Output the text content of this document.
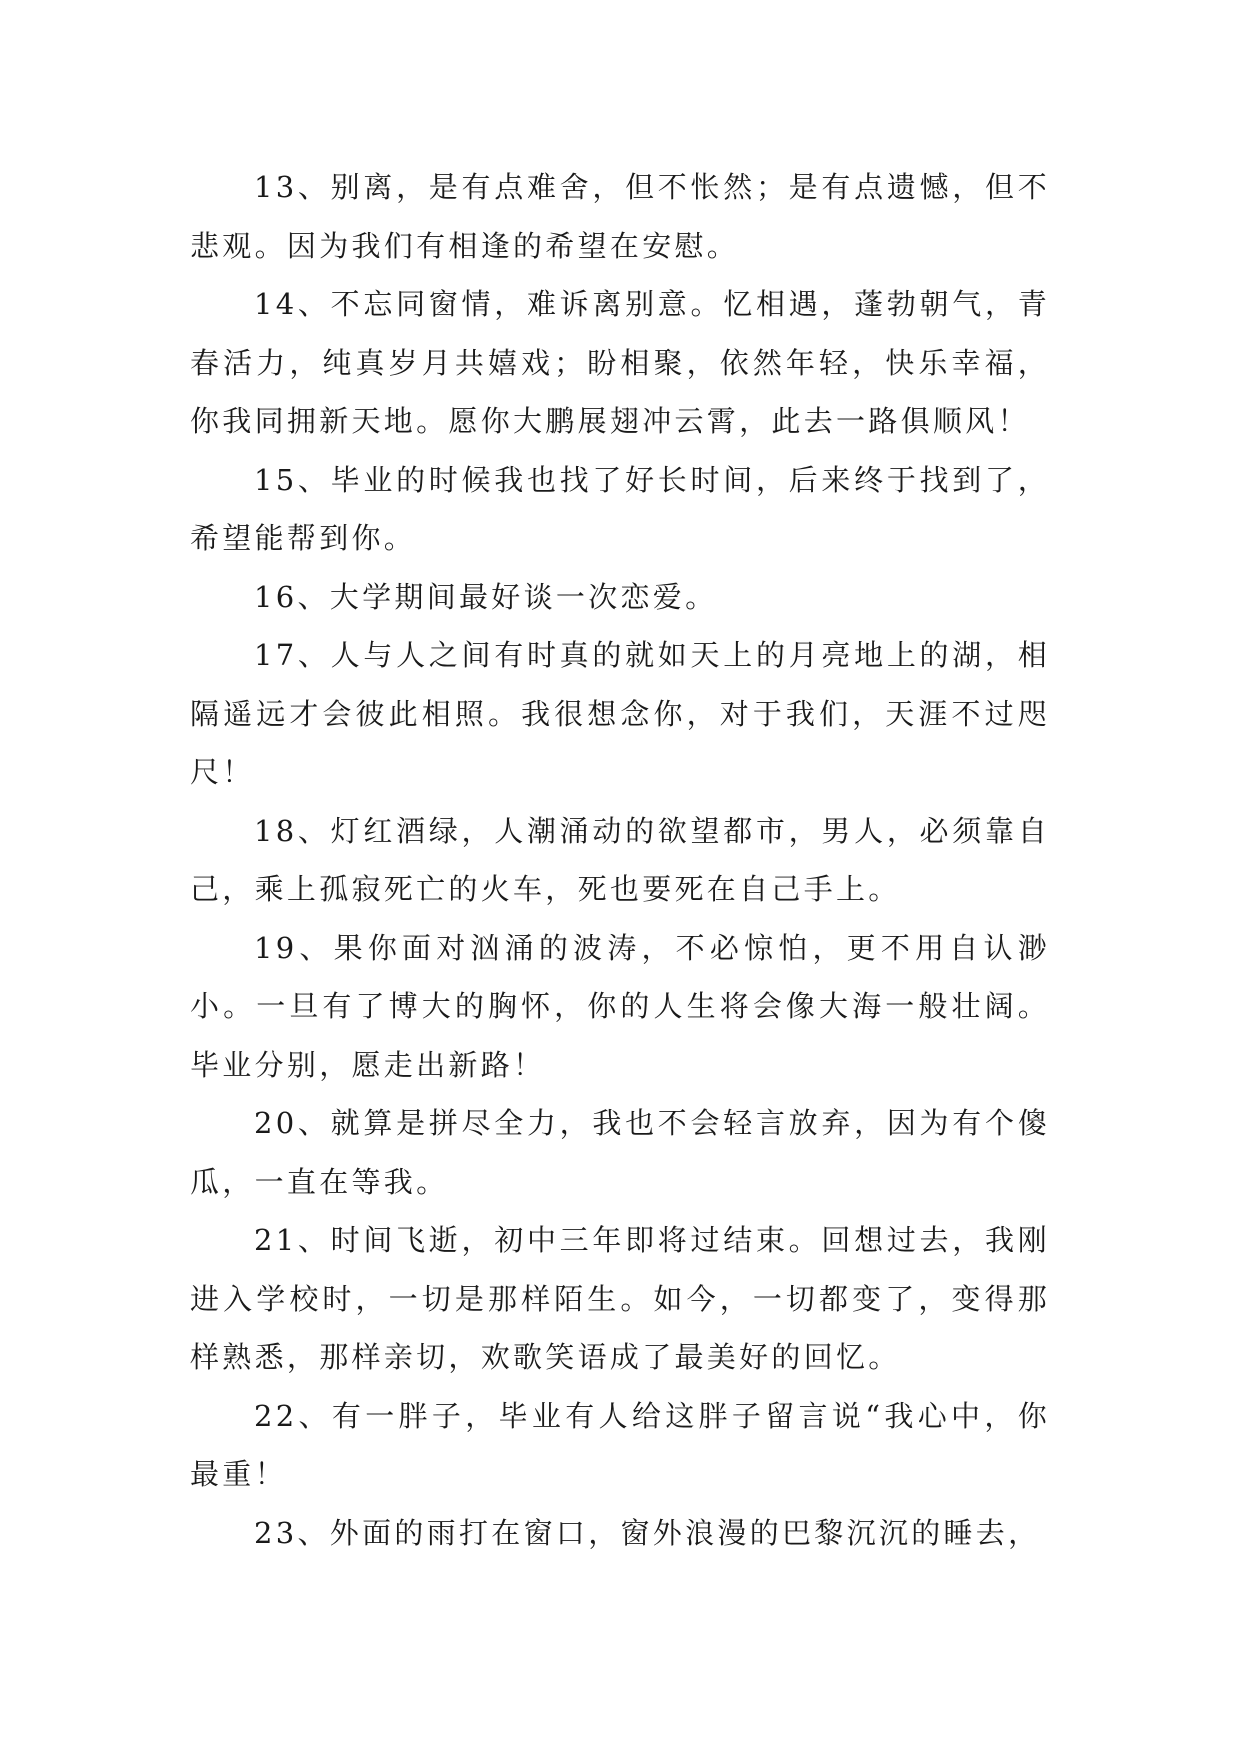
13、别离，是有点难舍，但不怅然；是有点遗憾，但不悲观。因为我们有相逢的希望在安慰。

14、不忘同窗情，难诉离别意。忆相遇，蓬勃朝气，青春活力，纯真岁月共嬉戏；盼相聚，依然年轻，快乐幸福，你我同拥新天地。愿你大鹏展翅冲云霄，此去一路俱顺风！

15、毕业的时候我也找了好长时间，后来终于找到了，希望能帮到你。

16、大学期间最好谈一次恋爱。

17、人与人之间有时真的就如天上的月亮地上的湖，相隔遥远才会彼此相照。我很想念你，对于我们，天涯不过咫尺！

18、灯红酒绿，人潮涌动的欲望都市，男人，必须靠自己，乘上孤寂死亡的火车，死也要死在自己手上。

19、果你面对汹涌的波涛，不必惊怕，更不用自认渺小。一旦有了博大的胸怀，你的人生将会像大海一般壮阔。毕业分别，愿走出新路！

20、就算是拼尽全力，我也不会轻言放弃，因为有个傻瓜，一直在等我。

21、时间飞逝，初中三年即将过结束。回想过去，我刚进入学校时，一切是那样陌生。如今，一切都变了，变得那样熟悉，那样亲切，欢歌笑语成了最美好的回忆。

22、有一胖子，毕业有人给这胖子留言说“我心中，你最重！

23、外面的雨打在窗口，窗外浪漫的巴黎沉沉的睡去，
